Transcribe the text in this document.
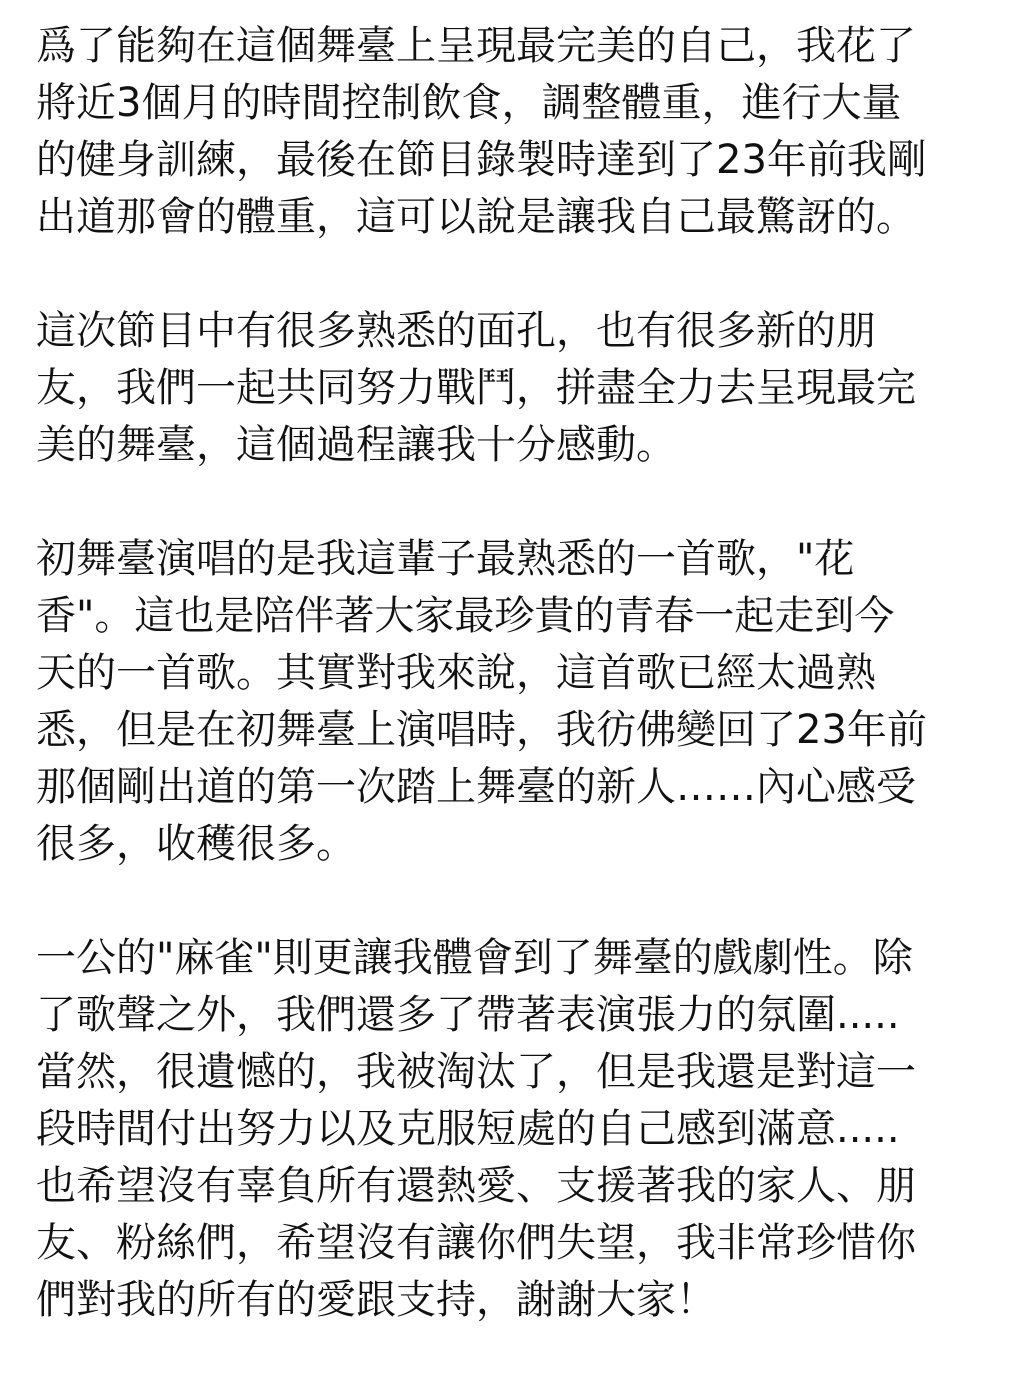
爲了能夠在這個舞臺上呈現最完美的自己，我花了
將近3個月的時間控制飲食，調整體重，進行大量
的健身訓練，最後在節目錄製時達到了23年前我剛
出道那會的體重，這可以說是讓我自己最驚訝的。
這次節目中有很多熟悉的面孔，也有很多新的朋
友，我們一起共同努力戰鬥，拼盡全力去呈現最完
美的舞臺，這個過程讓我十分感動。
初舞臺演唱的是我這輩子最熟悉的一首歌，"花
香"。這也是陪伴著大家最珍貴的青春一起走到今
天的一首歌。其實對我來說，這首歌已經太過熟
悉，但是在初舞臺上演唱時，我彷佛變回了23年前
那個剛出道的第一次踏上舞臺的新人……內心感受
很多，收穫很多。
一公的"麻雀"則更讓我體會到了舞臺的戲劇性。除
了歌聲之外，我們還多了帶著表演張力的氛圍.....
當然，很遺憾的，我被淘汰了，但是我還是對這一
段時間付出努力以及克服短處的自己感到滿意.....
也希望沒有辜負所有還熱愛、支援著我的家人、朋
友、粉絲們，希望沒有讓你們失望，我非常珍惜你
們對我的所有的愛跟支持，謝謝大家！
